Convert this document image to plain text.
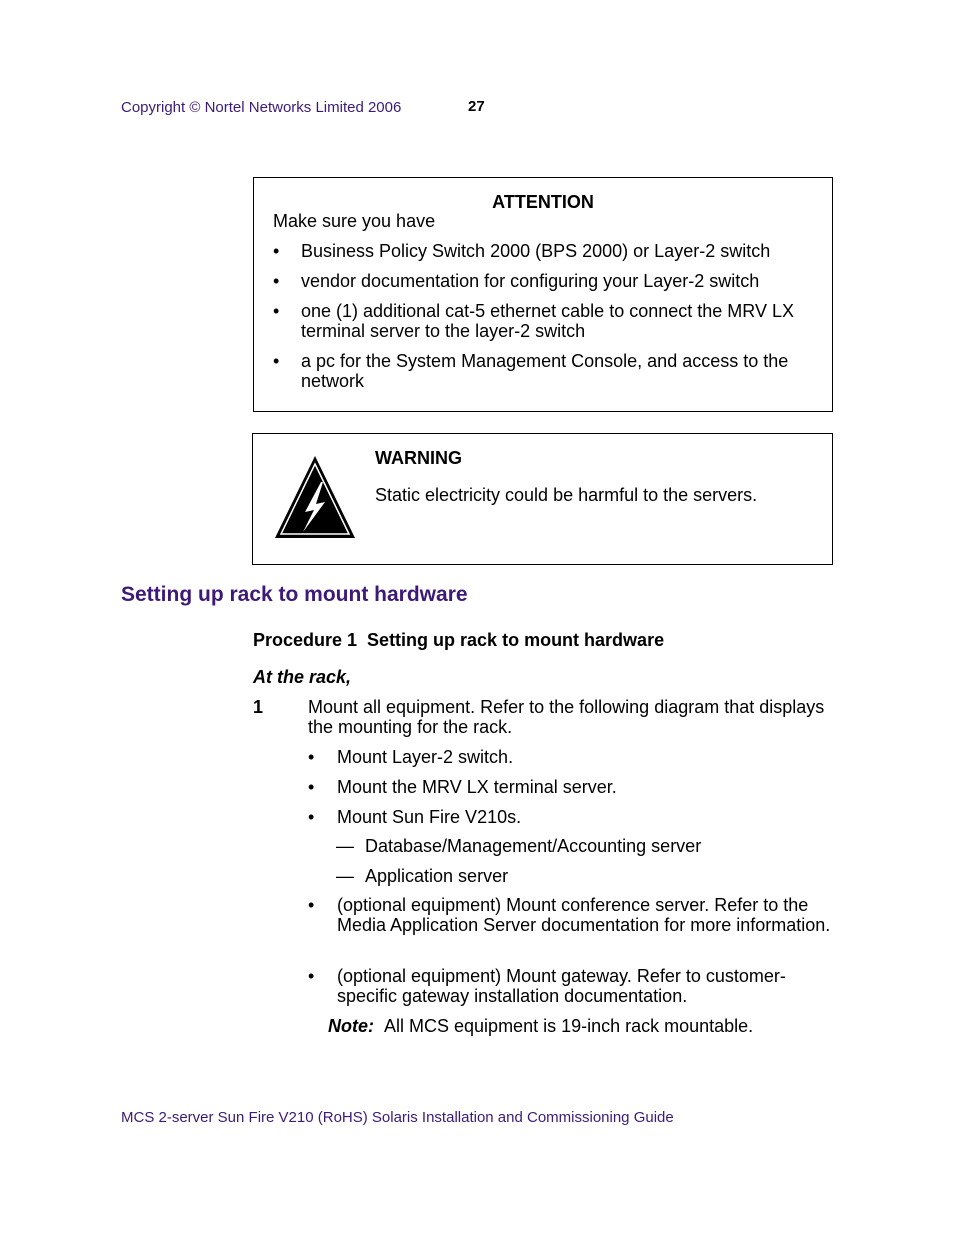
Copyright © Nortel Networks Limited 2006	27
ATTENTION
Make sure you have
• Business Policy Switch 2000 (BPS 2000) or Layer-2 switch
• vendor documentation for configuring your Layer-2 switch
• one (1) additional cat-5 ethernet cable to connect the MRV LX terminal server to the layer-2 switch
• a pc for the System Management Console, and access to the network
WARNING
Static electricity could be harmful to the servers.
Setting up rack to mount hardware
Procedure 1 Setting up rack to mount hardware
At the rack,
1 Mount all equipment. Refer to the following diagram that displays the mounting for the rack.
• Mount Layer-2 switch.
• Mount the MRV LX terminal server.
• Mount Sun Fire V210s.
— Database/Management/Accounting server
— Application server
• (optional equipment) Mount conference server. Refer to the Media Application Server documentation for more information.
• (optional equipment) Mount gateway. Refer to customer-specific gateway installation documentation.
Note: All MCS equipment is 19-inch rack mountable.
MCS 2-server Sun Fire V210 (RoHS) Solaris Installation and Commissioning Guide
